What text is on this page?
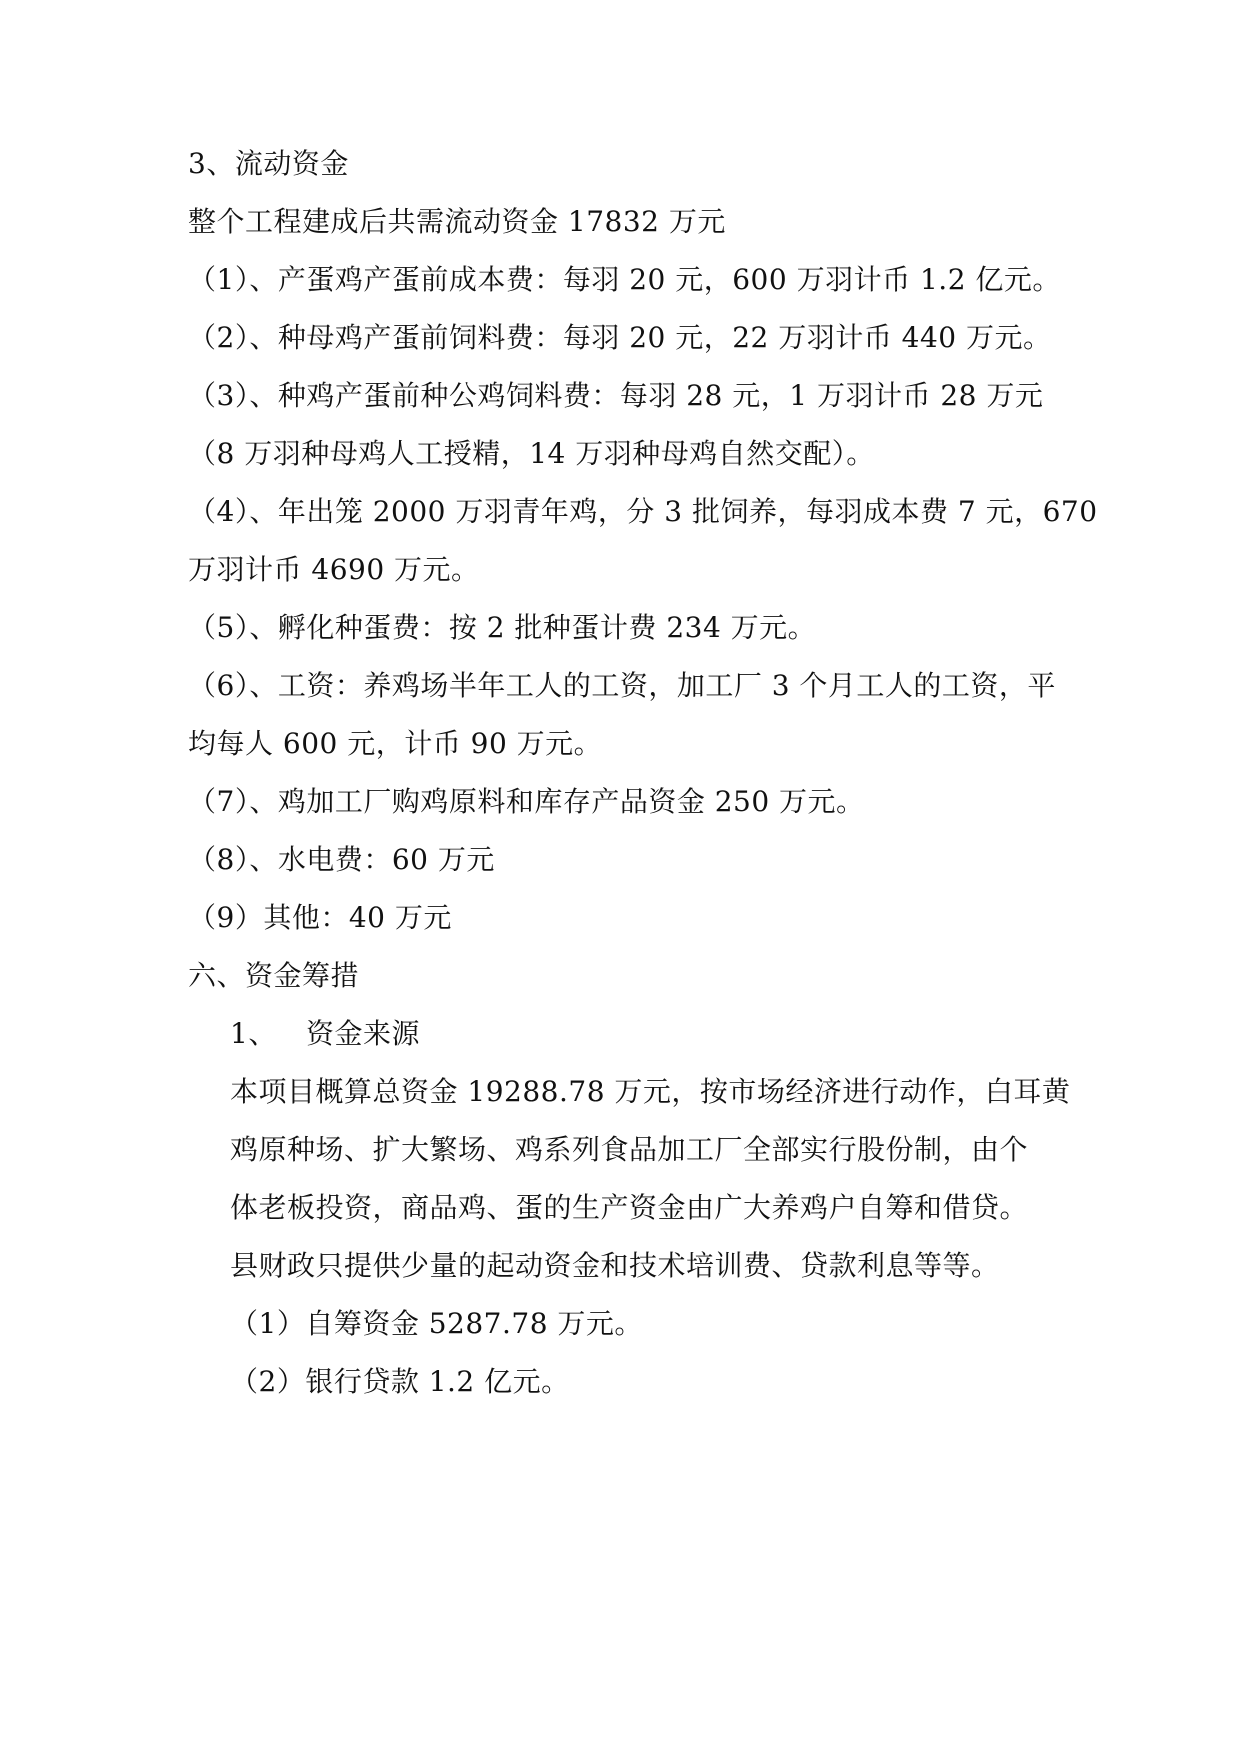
3、流动资金
整个工程建成后共需流动资金 17832 万元
（1）、产蛋鸡产蛋前成本费：每羽 20 元，600 万羽计币 1.2 亿元。
（2）、种母鸡产蛋前饲料费：每羽 20 元，22 万羽计币 440 万元。
（3）、种鸡产蛋前种公鸡饲料费：每羽 28 元，1 万羽计币 28 万元
（8 万羽种母鸡人工授精，14 万羽种母鸡自然交配）。
（4）、年出笼 2000 万羽青年鸡，分 3 批饲养，每羽成本费 7 元，670
万羽计币 4690 万元。
（5）、孵化种蛋费：按 2 批种蛋计费 234 万元。
（6）、工资：养鸡场半年工人的工资，加工厂 3 个月工人的工资，平
均每人 600 元，计币 90 万元。
（7）、鸡加工厂购鸡原料和库存产品资金 250 万元。
（8）、水电费：60 万元
（9）其他：40 万元
六、资金筹措
1、 资金来源
本项目概算总资金 19288.78 万元，按市场经济进行动作，白耳黄
鸡原种场、扩大繁场、鸡系列食品加工厂全部实行股份制，由个
体老板投资，商品鸡、蛋的生产资金由广大养鸡户自筹和借贷。
县财政只提供少量的起动资金和技术培训费、贷款利息等等。
（1）自筹资金 5287.78 万元。
（2）银行贷款 1.2 亿元。
